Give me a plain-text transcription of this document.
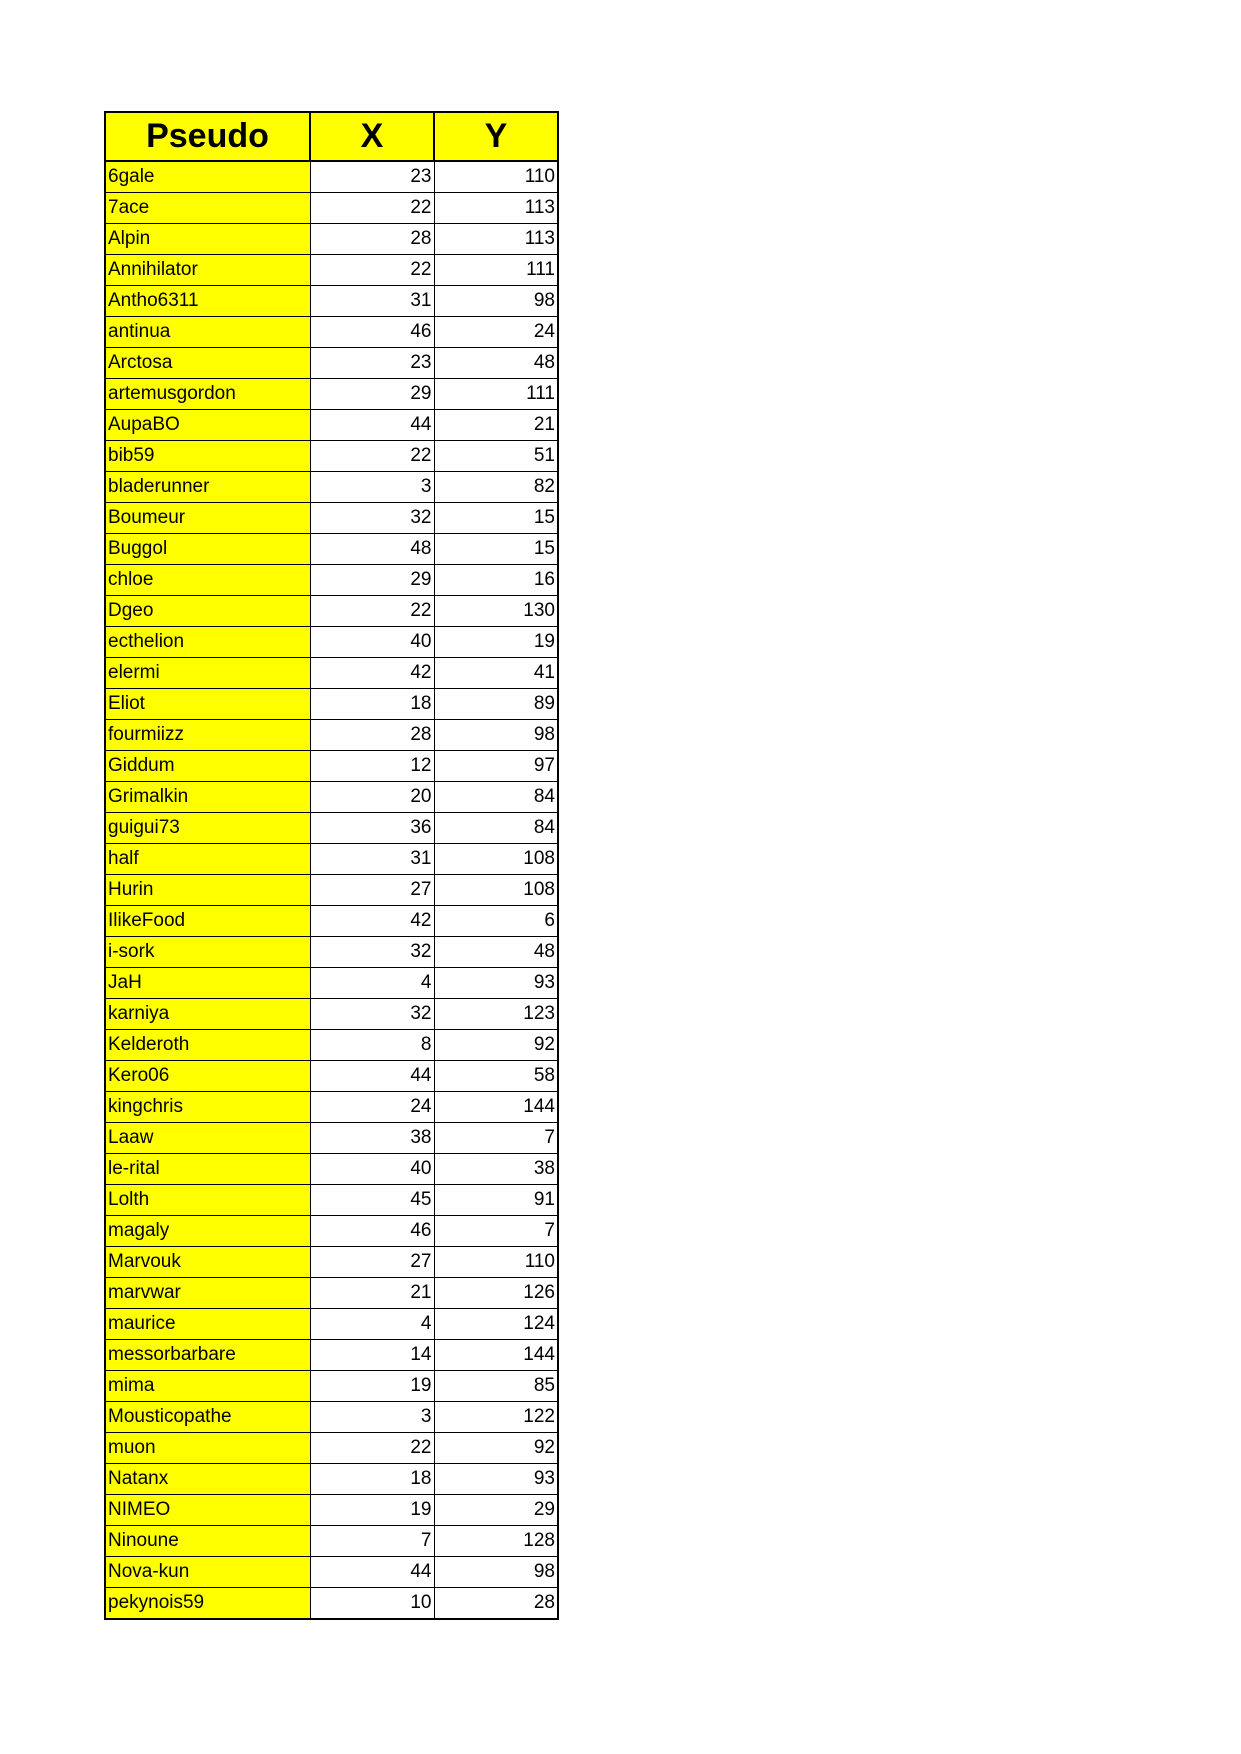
Pseudo	X	Y
6gale	23	110
7ace	22	113
Alpin	28	113
Annihilator	22	111
Antho6311	31	98
antinua	46	24
Arctosa	23	48
artemusgordon	29	111
AupaBO	44	21
bib59	22	51
bladerunner	3	82
Boumeur	32	15
Buggol	48	15
chloe	29	16
Dgeo	22	130
ecthelion	40	19
elermi	42	41
Eliot	18	89
fourmiizz	28	98
Giddum	12	97
Grimalkin	20	84
guigui73	36	84
half	31	108
Hurin	27	108
IlikeFood	42	6
i-sork	32	48
JaH	4	93
karniya	32	123
Kelderoth	8	92
Kero06	44	58
kingchris	24	144
Laaw	38	7
le-rital	40	38
Lolth	45	91
magaly	46	7
Marvouk	27	110
marvwar	21	126
maurice	4	124
messorbarbare	14	144
mima	19	85
Mousticopathe	3	122
muon	22	92
Natanx	18	93
NIMEO	19	29
Ninoune	7	128
Nova-kun	44	98
pekynois59	10	28
